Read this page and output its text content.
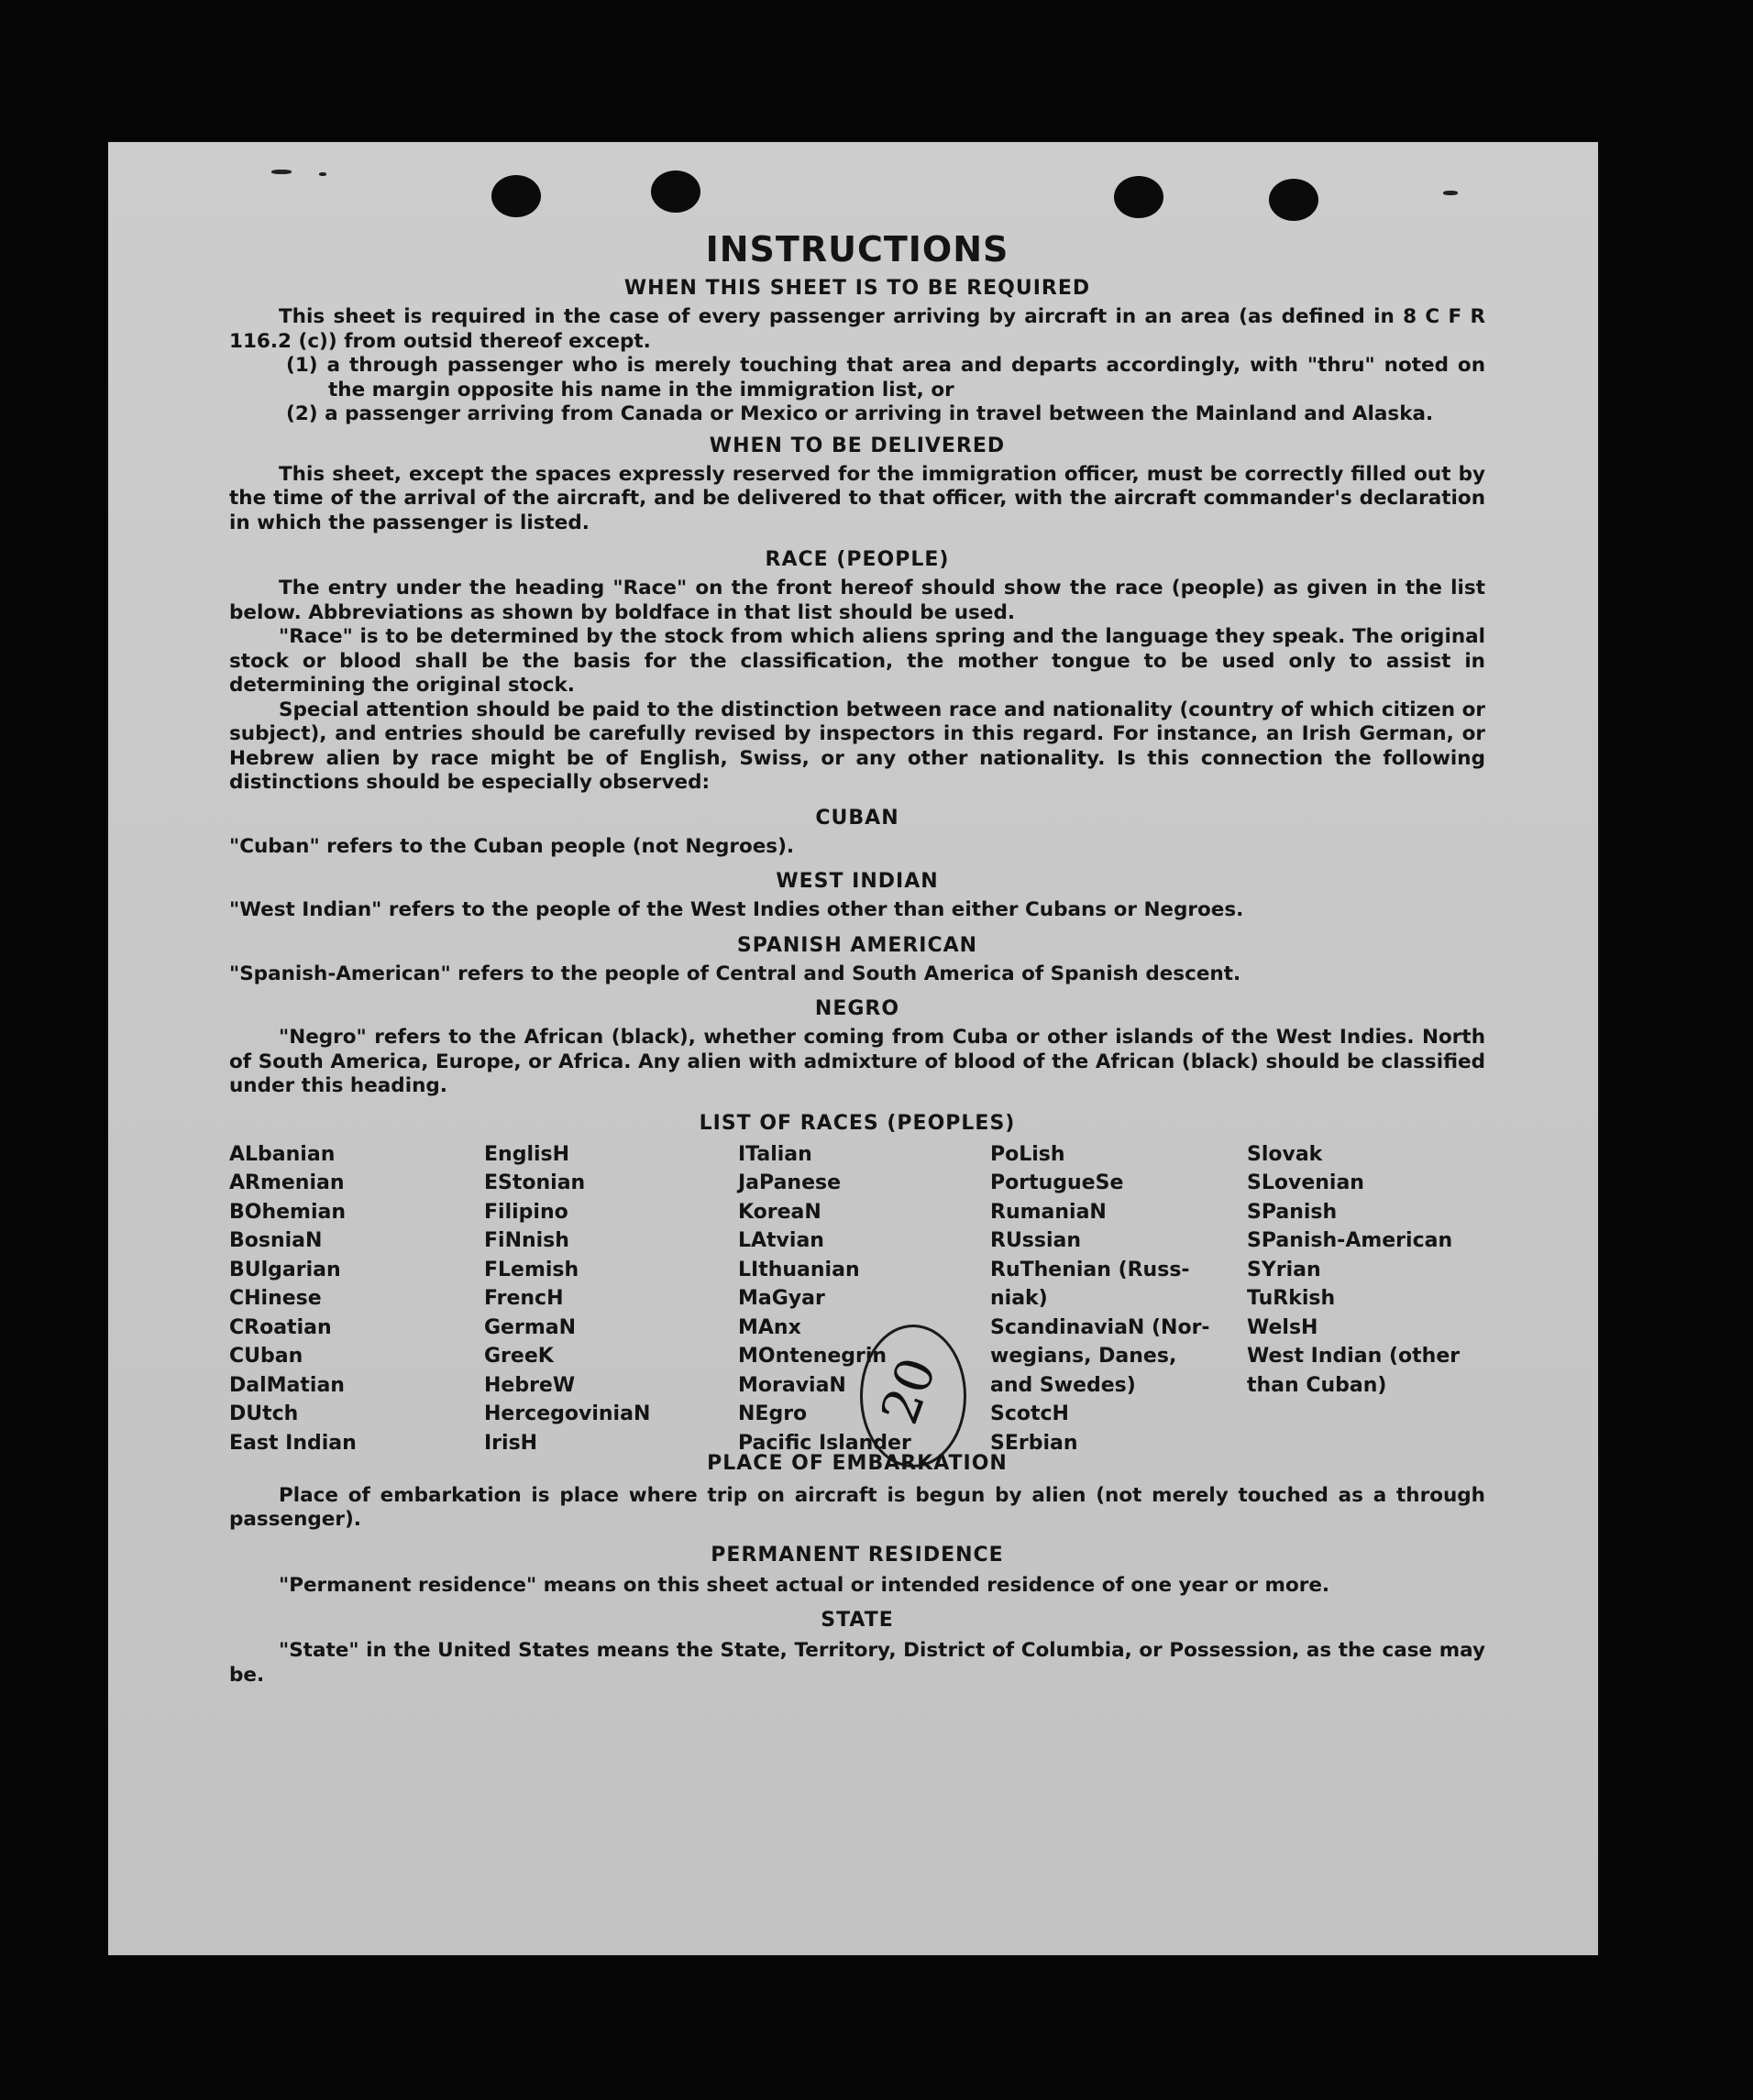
20
INSTRUCTIONS
WHEN THIS SHEET IS TO BE REQUIRED

This sheet is required in the case of every passenger arriving by aircraft in an area (as defined in 8 C F R 116.2 (c)) from outsid thereof except.

(1) a through passenger who is merely touching that area and departs accordingly, with "thru" noted on the margin opposite his name in the immigration list, or

(2) a passenger arriving from Canada or Mexico or arriving in travel between the Mainland and Alaska.

WHEN TO BE DELIVERED

This sheet, except the spaces expressly reserved for the immigration officer, must be correctly filled out by the time of the arrival of the aircraft, and be delivered to that officer, with the aircraft commander's declaration in which the passenger is listed.

RACE (PEOPLE)

The entry under the heading "Race" on the front hereof should show the race (people) as given in the list below. Abbreviations as shown by boldface in that list should be used.

"Race" is to be determined by the stock from which aliens spring and the language they speak. The original stock or blood shall be the basis for the classification, the mother tongue to be used only to assist in determining the original stock.

Special attention should be paid to the distinction between race and nationality (country of which citizen or subject), and entries should be carefully revised by inspectors in this regard. For instance, an Irish German, or Hebrew alien by race might be of English, Swiss, or any other nationality. Is this connection the following distinctions should be especially observed:

CUBAN

"Cuban" refers to the Cuban people (not Negroes).

WEST INDIAN

"West Indian" refers to the people of the West Indies other than either Cubans or Negroes.

SPANISH AMERICAN

"Spanish-American" refers to the people of Central and South America of Spanish descent.

NEGRO

"Negro" refers to the African (black), whether coming from Cuba or other islands of the West Indies. North of South America, Europe, or Africa. Any alien with admixture of blood of the African (black) should be classified under this heading.

LIST OF RACES (PEOPLES)
ALbanian
ARmenian
BOhemian
BosniaN
BUlgarian
CHinese
CRoatian
CUban
DalMatian
DUtch
East Indian
EnglisH
EStonian
Filipino
FiNnish
FLemish
FrencH
GermaN
GreeK
HebreW
HercegoviniaN
IrisH
ITalian
JaPanese
KoreaN
LAtvian
LIthuanian
MaGyar
MAnx
MOntenegrin
MoraviaN
NEgro
Pacific Islander
PoLish
PortugueSe
RumaniaN
RUssian
RuThenian (Russ-
niak)
ScandinaviaN (Nor-
wegians, Danes,
and Swedes)
ScotcH
SErbian
Slovak
SLovenian
SPanish
SPanish-American
SYrian
TuRkish
WelsH
West Indian (other
than Cuban)
PLACE OF EMBARKATION

Place of embarkation is place where trip on aircraft is begun by alien (not merely touched as a through passenger).

PERMANENT RESIDENCE

"Permanent residence" means on this sheet actual or intended residence of one year or more.

STATE

"State" in the United States means the State, Territory, District of Columbia, or Possession, as the case may be.
